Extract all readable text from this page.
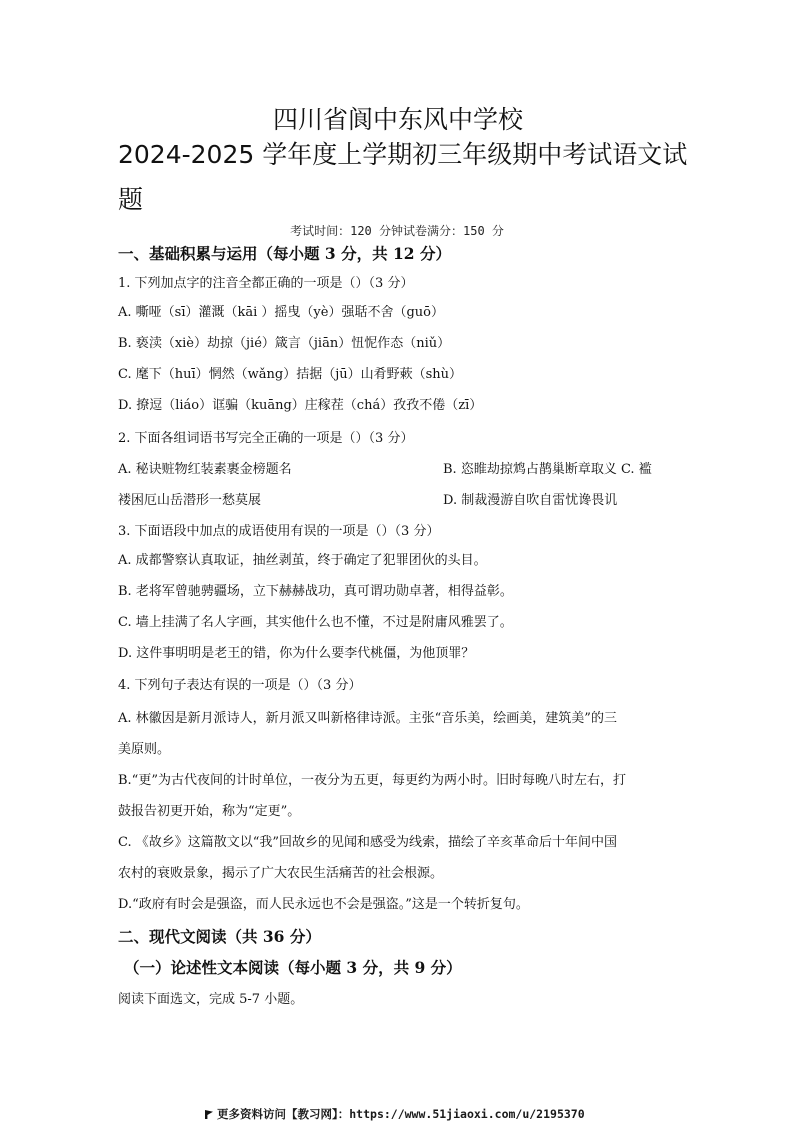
四川省阆中东风中学校
2024-2025 学年度上学期初三年级期中考试语文试
题
考试时间：120 分钟试卷满分：150 分
一、基础积累与运用（每小题 3 分，共 12 分）
1. 下列加点字的注音全都正确的一项是（）（3 分）
A. 嘶哑（sī）灌溉（kāi ）摇曳（yè）强聒不舍（guō）
B. 亵渎（xiè）劫掠（jié）箴言（jiān）忸怩作态（niǔ）
C. 麾下（huī）惘然（wǎng）拮据（jū）山肴野蔌（shù）
D. 撩逗（liáo）诓骗（kuāng）庄稼茬（chá）孜孜不倦（zī）
2. 下面各组词语书写完全正确的一项是（）（3 分）
A. 秘诀赃物红装素裹金榜题名	B. 恣睢劫掠鸩占鹊巢断章取义 C. 褴
褛困厄山岳潜形一愁莫展	D. 制裁漫游自吹自雷忧谗畏讥
3. 下面语段中加点的成语使用有误的一项是（）（3 分）
A. 成都警察认真取证，抽丝剥茧，终于确定了犯罪团伙的头目。
B. 老将军曾驰骋疆场，立下赫赫战功，真可谓功勋卓著，相得益彰。
C. 墙上挂满了名人字画，其实他什么也不懂，不过是附庸风雅罢了。
D. 这件事明明是老王的错，你为什么要李代桃僵，为他顶罪？
4. 下列句子表达有误的一项是（）（3 分）
A. 林徽因是新月派诗人，新月派又叫新格律诗派。主张“音乐美，绘画美，建筑美”的三
美原则。
B.“更”为古代夜间的计时单位，一夜分为五更，每更约为两小时。旧时每晚八时左右，打
鼓报告初更开始，称为“定更”。
C. 《故乡》这篇散文以“我”回故乡的见闻和感受为线索，描绘了辛亥革命后十年间中国
农村的衰败景象，揭示了广大农民生活痛苦的社会根源。
D.“政府有时会是强盗，而人民永远也不会是强盗。”这是一个转折复句。
二、现代文阅读（共 36 分）
（一）论述性文本阅读（每小题 3 分，共 9 分）
阅读下面选文，完成 5-7 小题。
更多资料访问【教习网】：https://www.51jiaoxi.com/u/2195370
